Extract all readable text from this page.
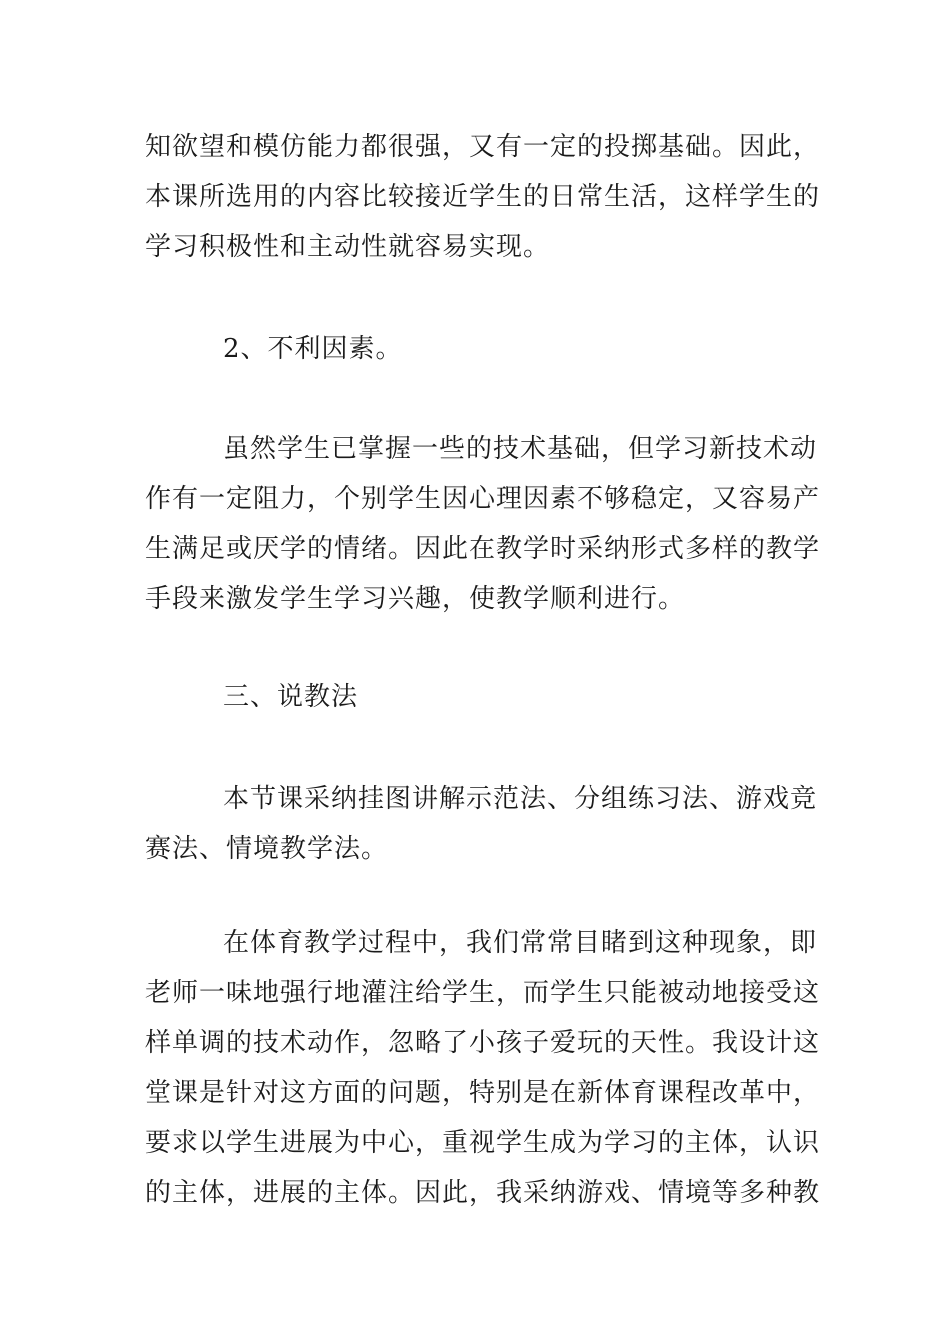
知欲望和模仿能力都很强，又有一定的投掷基础。因此，
本课所选用的内容比较接近学生的日常生活，这样学生的
学习积极性和主动性就容易实现。
2、不利因素。
虽然学生已掌握一些的技术基础，但学习新技术动
作有一定阻力，个别学生因心理因素不够稳定，又容易产
生满足或厌学的情绪。因此在教学时采纳形式多样的教学
手段来激发学生学习兴趣，使教学顺利进行。
三、说教法
本节课采纳挂图讲解示范法、分组练习法、游戏竞
赛法、情境教学法。
在体育教学过程中，我们常常目睹到这种现象，即
老师一味地强行地灌注给学生，而学生只能被动地接受这
样单调的技术动作，忽略了小孩子爱玩的天性。我设计这
堂课是针对这方面的问题，特别是在新体育课程改革中，
要求以学生进展为中心，重视学生成为学习的主体，认识
的主体，进展的主体。因此，我采纳游戏、情境等多种教
